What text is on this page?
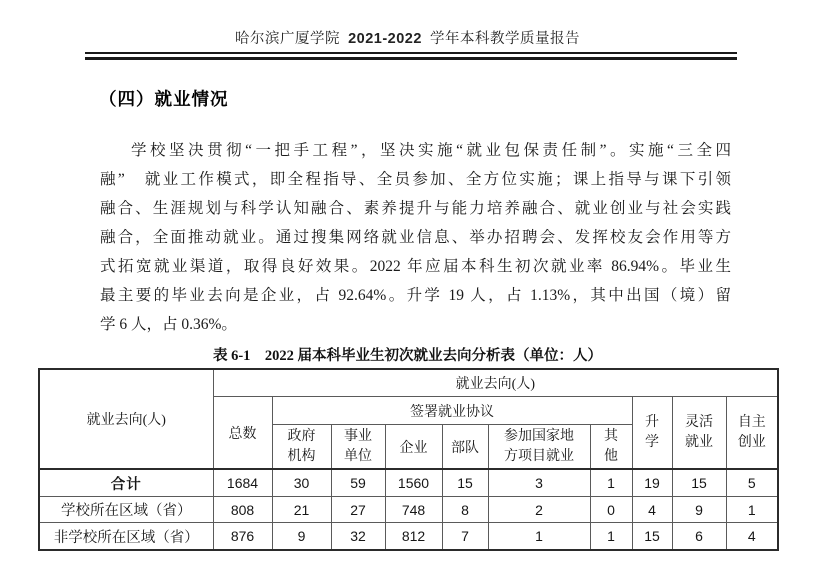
哈尔滨广厦学院 2021-2022 学年本科教学质量报告
（四）就业情况
学校坚决贯彻“一把手工程”，坚决实施“就业包保责任制”。实施“三全四
融”　就业工作模式，即全程指导、全员参加、全方位实施；课上指导与课下引领
融合、生涯规划与科学认知融合、素养提升与能力培养融合、就业创业与社会实践
融合，全面推动就业。通过搜集网络就业信息、举办招聘会、发挥校友会作用等方
式拓宽就业渠道，取得良好效果。2022 年应届本科生初次就业率 86.94%。毕业生
最主要的毕业去向是企业，占 92.64%。升学 19 人，占 1.13%，其中出国（境）留
学 6 人，占 0.36%。
表 6-1　2022 届本科毕业生初次就业去向分析表（单位：人）
就业去向(人)	就业去向(人)									
	总数	签署就业协议						升学	灵活就业	自主创业
		政府机构	事业单位	企业	部队	参加国家地方项目就业	其他			
合计	1684	30	59	1560	15	3	1	19	15	5
学校所在区域（省）	808	21	27	748	8	2	0	4	9	1
非学校所在区域（省）	876	9	32	812	7	1	1	15	6	4
